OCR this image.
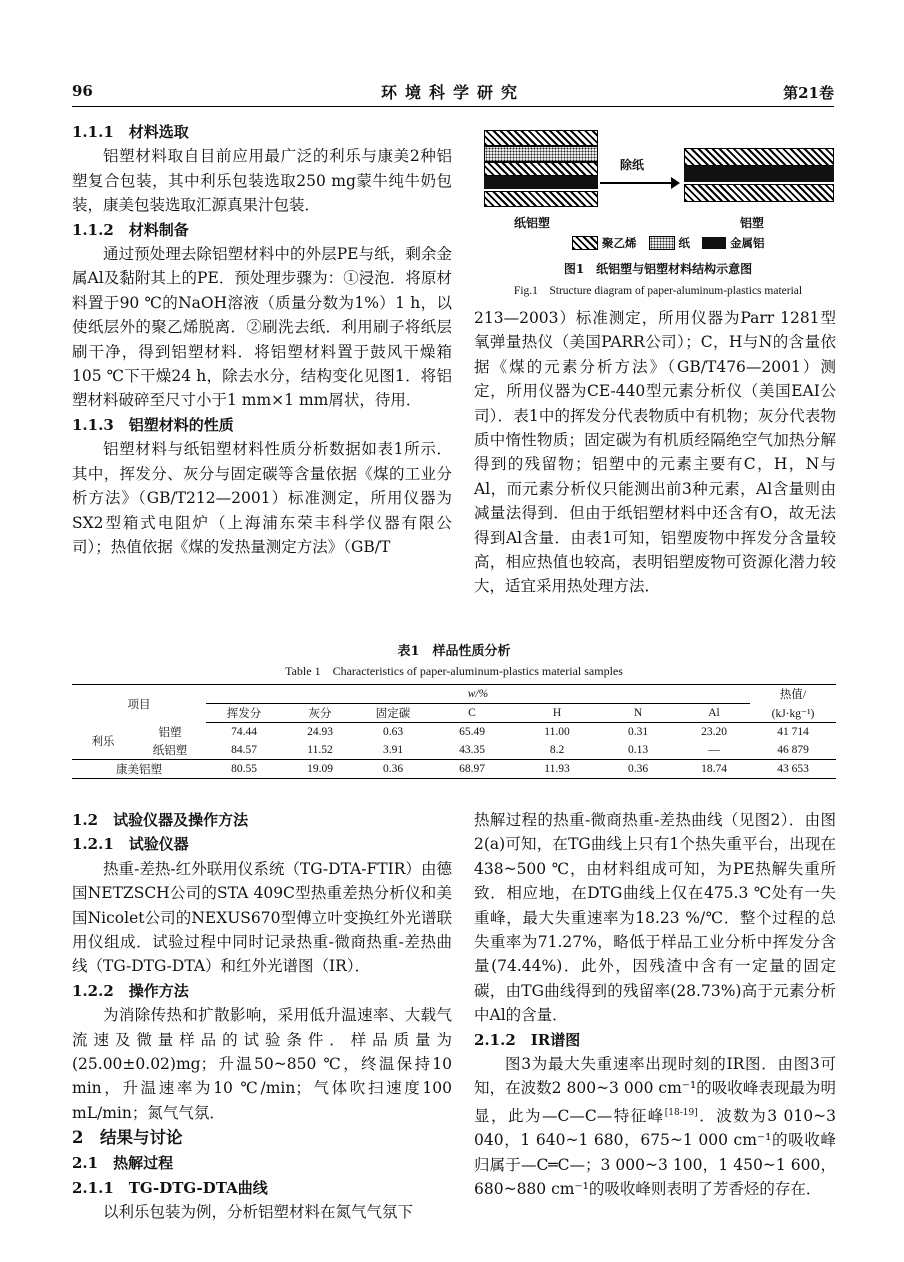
96	环境科学研究	第21卷
1.1.1　材料选取

铝塑材料取自目前应用最广泛的利乐与康美2种铝塑复合包装，其中利乐包装选取250 mg蒙牛纯牛奶包装，康美包装选取汇源真果汁包装．

1.1.2　材料制备

通过预处理去除铝塑材料中的外层PE与纸，剩余金属Al及黏附其上的PE．预处理步骤为：①浸泡．将原材料置于90 ℃的NaOH溶液（质量分数为1%）1 h，以使纸层外的聚乙烯脱离．②刷洗去纸．利用刷子将纸层刷干净，得到铝塑材料．将铝塑材料置于鼓风干燥箱105 ℃下干燥24 h，除去水分，结构变化见图1．将铝塑材料破碎至尺寸小于1 mm×1 mm屑状，待用．

1.1.3　铝塑材料的性质

铝塑材料与纸铝塑材料性质分析数据如表1所示．其中，挥发分、灰分与固定碳等含量依据《煤的工业分析方法》（GB/T212—2001）标准测定，所用仪器为SX2型箱式电阻炉（上海浦东荣丰科学仪器有限公司）；热值依据《煤的发热量测定方法》（GB/T

除纸
纸铝塑	铝塑
聚乙烯	纸	金属铝
图1　纸铝塑与铝塑材料结构示意图
Fig.1　Structure diagram of paper-aluminum-plastics material

213—2003）标准测定，所用仪器为Parr 1281型氧弹量热仪（美国PARR公司）；C，H与N的含量依据《煤的元素分析方法》（GB/T476—2001）测定，所用仪器为CE-440型元素分析仪（美国EAI公司）．表1中的挥发分代表物质中有机物；灰分代表物质中惰性物质；固定碳为有机质经隔绝空气加热分解得到的残留物；铝塑中的元素主要有C，H，N与Al，而元素分析仪只能测出前3种元素，Al含量则由减量法得到．但由于纸铝塑材料中还含有O，故无法得到Al含量．由表1可知，铝塑废物中挥发分含量较高，相应热值也较高，表明铝塑废物可资源化潜力较大，适宜采用热处理方法．

表1　样品性质分析
Table 1　Characteristics of paper-aluminum-plastics material samples
项目		w/%							热值/
		挥发分	灰分	固定碳	C	H	N	Al	(kJ·kg⁻¹)
利乐	铝塑	74.44	24.93	0.63	65.49	11.00	0.31	23.20	41 714
	纸铝塑	84.57	11.52	3.91	43.35	8.2	0.13	—	46 879
康美铝塑		80.55	19.09	0.36	68.97	11.93	0.36	18.74	43 653
1.2　试验仪器及操作方法
1.2.1　试验仪器

热重-差热-红外联用仪系统（TG-DTA-FTIR）由德国NETZSCH公司的STA 409C型热重差热分析仪和美国Nicolet公司的NEXUS670型傅立叶变换红外光谱联用仪组成．试验过程中同时记录热重-微商热重-差热曲线（TG-DTG-DTA）和红外光谱图（IR）．

1.2.2　操作方法

为消除传热和扩散影响，采用低升温速率、大载气流速及微量样品的试验条件．样品质量为(25.00±0.02)mg；升温50~850 ℃，终温保持10 min，升温速率为10 ℃/min；气体吹扫速度100 mL/min；氮气气氛．

2　结果与讨论
2.1　热解过程
2.1.1　TG-DTG-DTA曲线

以利乐包装为例，分析铝塑材料在氮气气氛下

热解过程的热重-微商热重-差热曲线（见图2）．由图2(a)可知，在TG曲线上只有1个热失重平台，出现在438~500 ℃，由材料组成可知，为PE热解失重所致．相应地，在DTG曲线上仅在475.3 ℃处有一失重峰，最大失重速率为18.23 %/℃．整个过程的总失重率为71.27%，略低于样品工业分析中挥发分含量(74.44%)．此外，因残渣中含有一定量的固定碳，由TG曲线得到的残留率(28.73%)高于元素分析中Al的含量．

2.1.2　IR谱图

图3为最大失重速率出现时刻的IR图．由图3可知，在波数2 800~3 000 cm⁻¹的吸收峰表现最为明显，此为—C—C—特征峰[18-19]．波数为3 010~3 040，1 640~1 680，675~1 000 cm⁻¹的吸收峰归属于—C═C—；3 000~3 100，1 450~1 600，680~880 cm⁻¹的吸收峰则表明了芳香烃的存在．
